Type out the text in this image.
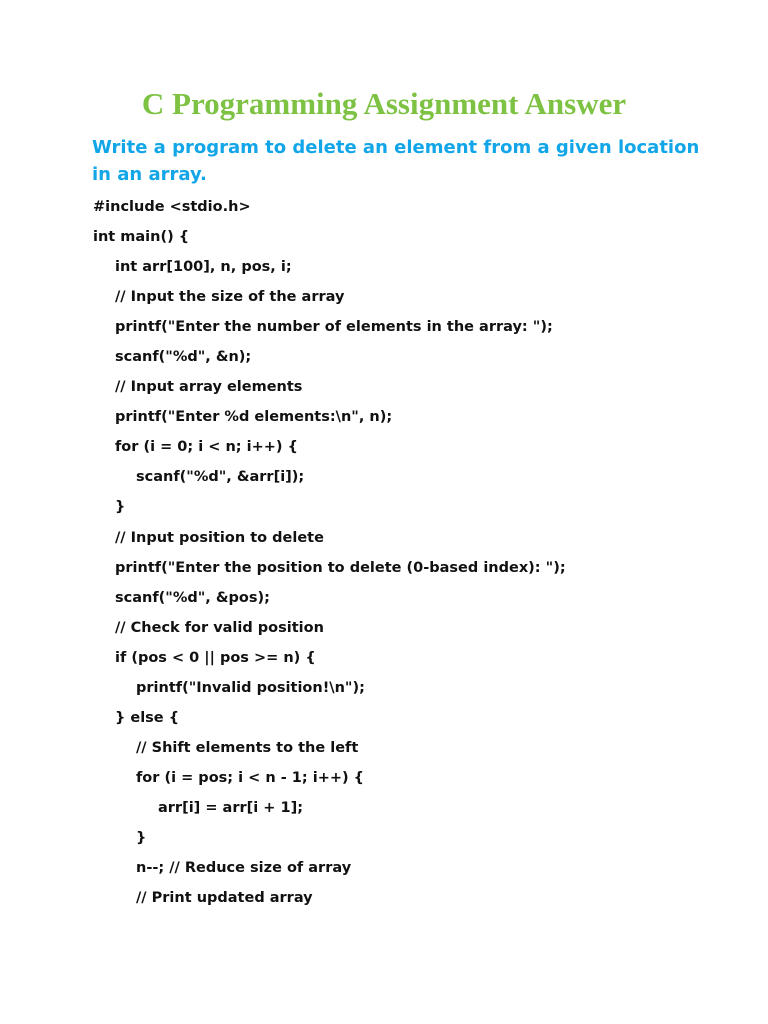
C Programming Assignment Answer

Write a program to delete an element from a given location in an array.

#include <stdio.h>
int main() {
int arr[100], n, pos, i;
// Input the size of the array
printf("Enter the number of elements in the array: ");
scanf("%d", &n);
// Input array elements
printf("Enter %d elements:\n", n);
for (i = 0; i < n; i++) {
scanf("%d", &arr[i]);
}
// Input position to delete
printf("Enter the position to delete (0-based index): ");
scanf("%d", &pos);
// Check for valid position
if (pos < 0 || pos >= n) {
printf("Invalid position!\n");
} else {
// Shift elements to the left
for (i = pos; i < n - 1; i++) {
arr[i] = arr[i + 1];
}
n--; // Reduce size of array
// Print updated array
